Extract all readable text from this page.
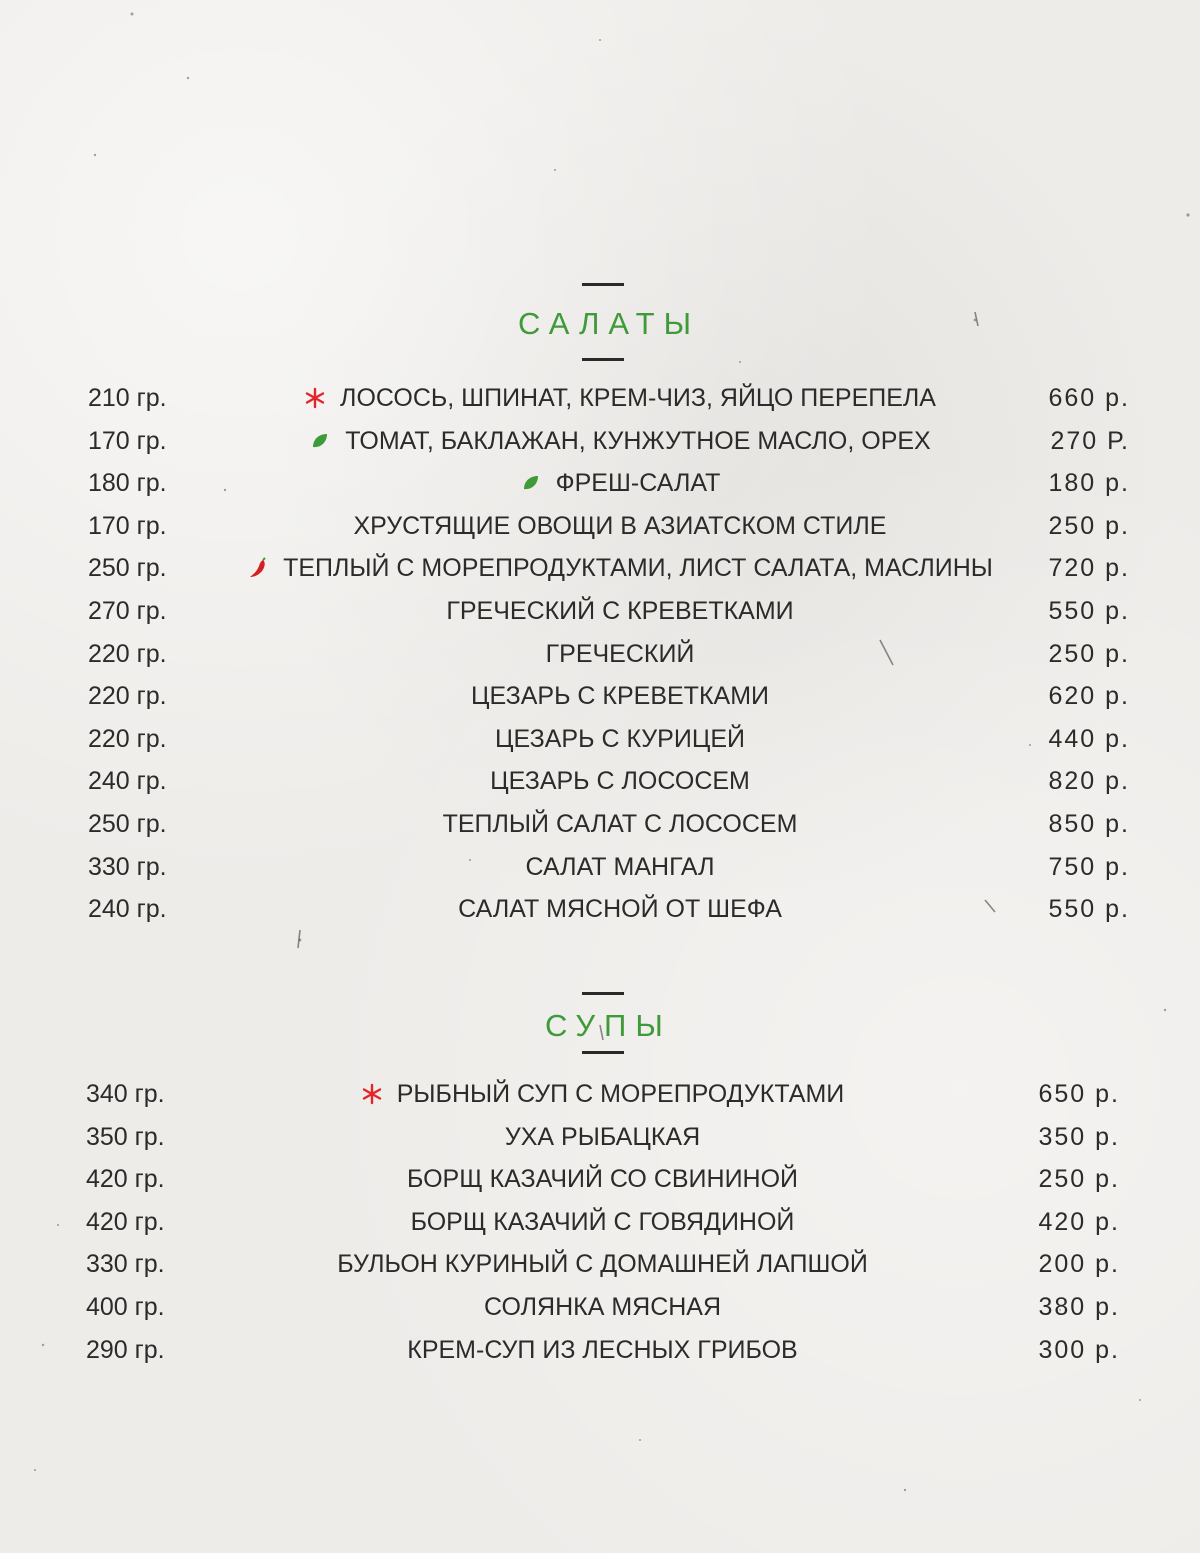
САЛАТЫ
210 гр.	ЛОСОСЬ, ШПИНАТ, КРЕМ-ЧИЗ, ЯЙЦО ПЕРЕПЕЛА	660 р.
170 гр.	ТОМАТ, БАКЛАЖАН, КУНЖУТНОЕ МАСЛО, ОРЕХ	270 Р.
180 гр.	ФРЕШ-САЛАТ	180 р.
170 гр.	ХРУСТЯЩИЕ ОВОЩИ В АЗИАТСКОМ СТИЛЕ	250 р.
250 гр.	ТЕПЛЫЙ С МОРЕПРОДУКТАМИ, ЛИСТ САЛАТА, МАСЛИНЫ	720 р.
270 гр.	ГРЕЧЕСКИЙ С КРЕВЕТКАМИ	550 р.
220 гр.	ГРЕЧЕСКИЙ	250 р.
220 гр.	ЦЕЗАРЬ С КРЕВЕТКАМИ	620 р.
220 гр.	ЦЕЗАРЬ С КУРИЦЕЙ	440 р.
240 гр.	ЦЕЗАРЬ С ЛОСОСЕМ	820 р.
250 гр.	ТЕПЛЫЙ САЛАТ С ЛОСОСЕМ	850 р.
330 гр.	САЛАТ МАНГАЛ	750 р.
240 гр.	САЛАТ МЯСНОЙ ОТ ШЕФА	550 р.
СУПЫ
340 гр.	РЫБНЫЙ СУП С МОРЕПРОДУКТАМИ	650 р.
350 гр.	УХА РЫБАЦКАЯ	350 р.
420 гр.	БОРЩ КАЗАЧИЙ СО СВИНИНОЙ	250 р.
420 гр.	БОРЩ КАЗАЧИЙ С ГОВЯДИНОЙ	420 р.
330 гр.	БУЛЬОН КУРИНЫЙ С ДОМАШНЕЙ ЛАПШОЙ	200 р.
400 гр.	СОЛЯНКА МЯСНАЯ	380 р.
290 гр.	КРЕМ-СУП ИЗ ЛЕСНЫХ ГРИБОВ	300 р.
